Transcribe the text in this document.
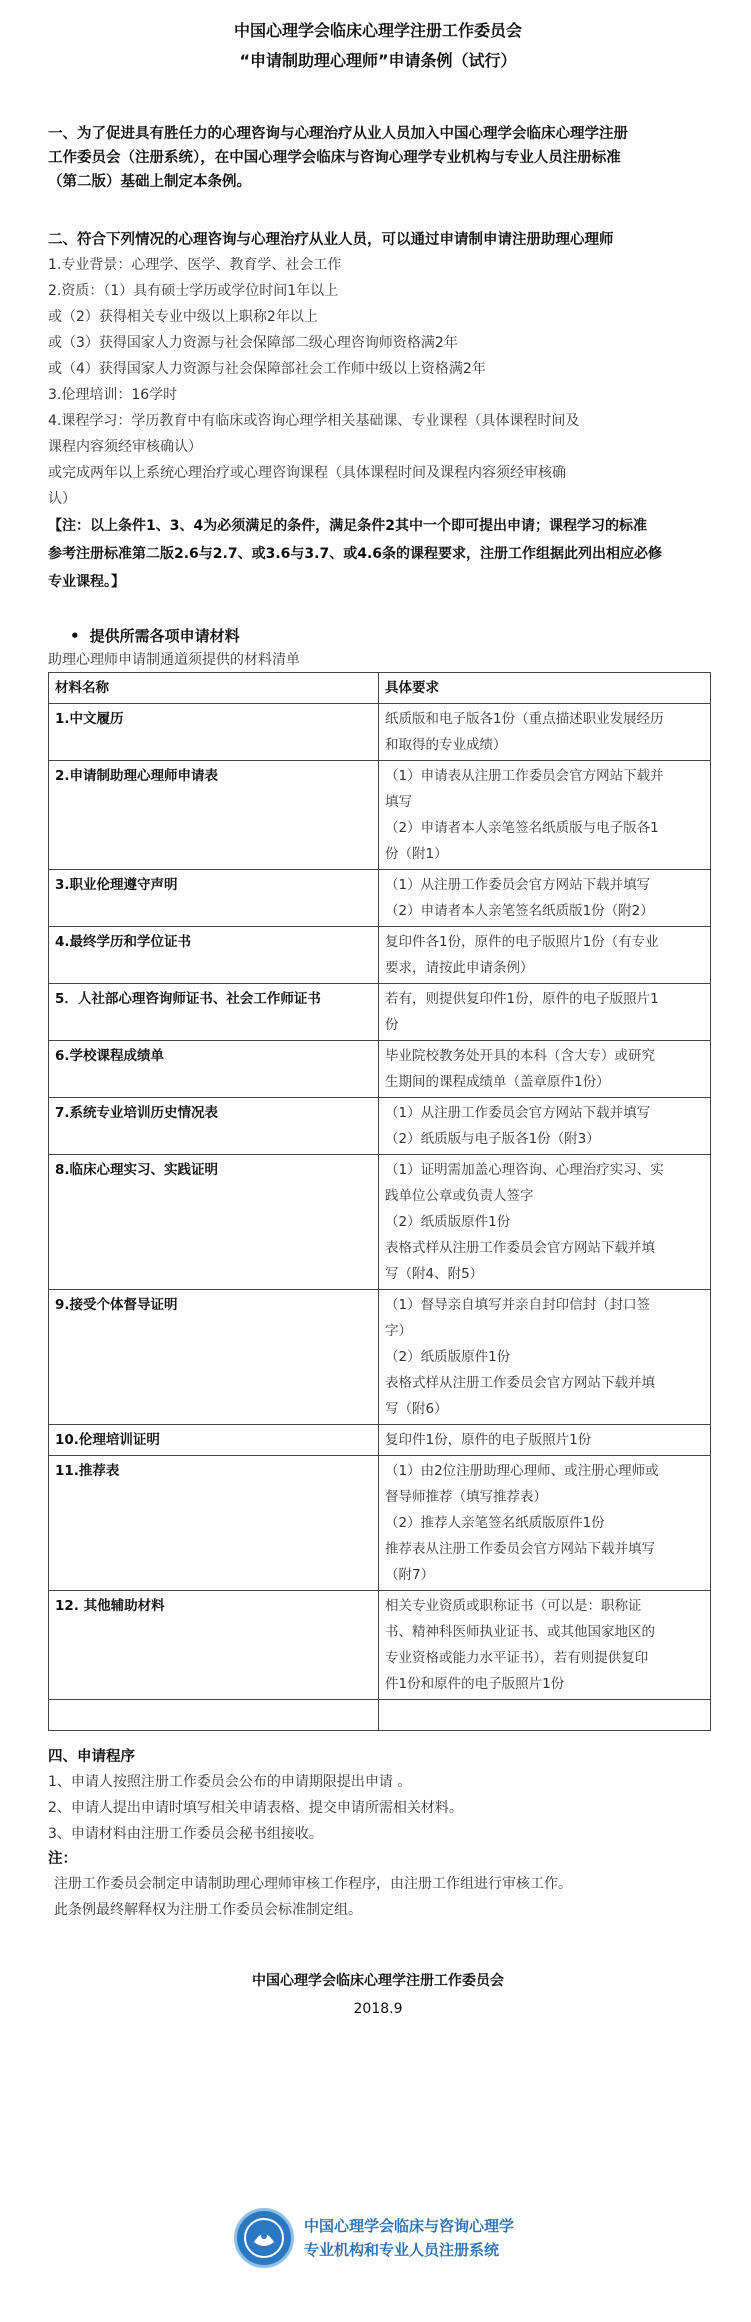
中国心理学会临床心理学注册工作委员会
“申请制助理心理师”申请条例（试行）
一、为了促进具有胜任力的心理咨询与心理治疗从业人员加入中国心理学会临床心理学注册
工作委员会（注册系统），在中国心理学会临床与咨询心理学专业机构与专业人员注册标准
（第二版）基础上制定本条例。
二、符合下列情况的心理咨询与心理治疗从业人员，可以通过申请制申请注册助理心理师
1.专业背景：心理学、医学、教育学、社会工作
2.资质：（1）具有硕士学历或学位时间1年以上
或（2）获得相关专业中级以上职称2年以上
或（3）获得国家人力资源与社会保障部二级心理咨询师资格满2年
或（4）获得国家人力资源与社会保障部社会工作师中级以上资格满2年
3.伦理培训：16学时
4.课程学习：学历教育中有临床或咨询心理学相关基础课、专业课程（具体课程时间及
课程内容须经审核确认）
或完成两年以上系统心理治疗或心理咨询课程（具体课程时间及课程内容须经审核确
认）
【注：以上条件1、3、4为必须满足的条件，满足条件2其中一个即可提出申请；课程学习的标准
参考注册标准第二版2.6与2.7、或3.6与3.7、或4.6条的课程要求，注册工作组据此列出相应必修
专业课程。】
• 提供所需各项申请材料
助理心理师申请制通道须提供的材料清单
材料名称	具体要求
1.中文履历	纸质版和电子版各1份（重点描述职业发展经历
和取得的专业成绩）

2.申请制助理心理师申请表	（1）申请表从注册工作委员会官方网站下载并
填写
（2）申请者本人亲笔签名纸质版与电子版各1
份（附1）

3.职业伦理遵守声明	（1）从注册工作委员会官方网站下载并填写
（2）申请者本人亲笔签名纸质版1份（附2）

4.最终学历和学位证书	复印件各1份，原件的电子版照片1份（有专业
要求，请按此申请条例）

5．人社部心理咨询师证书、社会工作师证书	若有，则提供复印件1份，原件的电子版照片1
份

6.学校课程成绩单	毕业院校教务处开具的本科（含大专）或研究
生期间的课程成绩单（盖章原件1份）

7.系统专业培训历史情况表	（1）从注册工作委员会官方网站下载并填写
（2）纸质版与电子版各1份（附3）

8.临床心理实习、实践证明	（1）证明需加盖心理咨询、心理治疗实习、实
践单位公章或负责人签字
（2）纸质版原件1份
表格式样从注册工作委员会官方网站下载并填
写（附4、附5）

9.接受个体督导证明	（1）督导亲自填写并亲自封印信封（封口签
字）
（2）纸质版原件1份
表格式样从注册工作委员会官方网站下载并填
写（附6）

10.伦理培训证明	复印件1份，原件的电子版照片1份

11.推荐表	（1）由2位注册助理心理师、或注册心理师或
督导师推荐（填写推荐表）
（2）推荐人亲笔签名纸质版原件1份
推荐表从注册工作委员会官方网站下载并填写
（附7）

12. 其他辅助材料	相关专业资质或职称证书（可以是：职称证
书、精神科医师执业证书、或其他国家地区的
专业资格或能力水平证书），若有则提供复印
件1份和原件的电子版照片1份

四、申请程序
1、申请人按照注册工作委员会公布的申请期限提出申请 。
2、申请人提出申请时填写相关申请表格、提交申请所需相关材料。
3、申请材料由注册工作委员会秘书组接收。
注：
注册工作委员会制定申请制助理心理师审核工作程序，由注册工作组进行审核工作。
此条例最终解释权为注册工作委员会标准制定组。
中国心理学会临床心理学注册工作委员会
2018.9
中国心理学会临床与咨询心理学
专业机构和专业人员注册系统
